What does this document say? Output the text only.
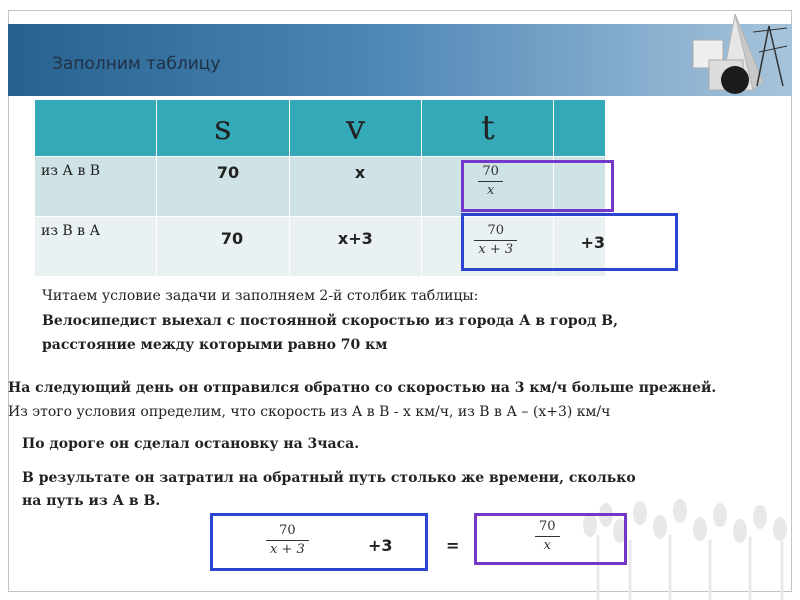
Заполним таблицу
	s	v	t	
из А в В	70	x	$\frac{70}{x}$

из В в А	70	x+3	$\frac{70}{x + 3}$	+3
Читаем условие задачи и заполняем 2-й столбик таблицы:
Велосипедист выехал с постоянной скоростью из города А в город В,
расстояние между которыми равно 70 км
На следующий день он отправился обратно со скоростью на 3 км/ч больше прежней.
Из этого условия определим, что скорость из А в В - х км/ч, из В в А – (х+3) км/ч
По дороге он сделал остановку на 3часа.
В результате он затратил на обратный путь столько же времени, сколько
на путь из А в В.
$\frac{70}{x + 3}$	+3	=	$\frac{70}{x}$
